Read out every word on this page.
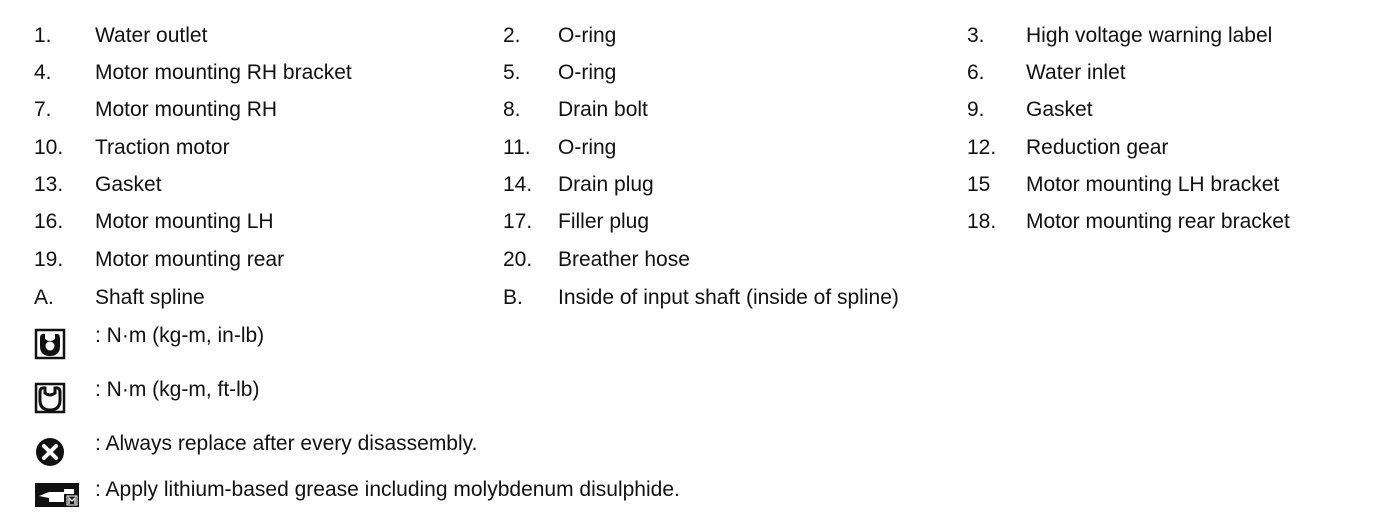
1. Water outlet	2. O-ring	3. High voltage warning label
4. Motor mounting RH bracket	5. O-ring	6. Water inlet
7. Motor mounting RH	8. Drain bolt	9. Gasket
10. Traction motor	11. O-ring	12. Reduction gear
13. Gasket	14. Drain plug	15 Motor mounting LH bracket
16. Motor mounting LH	17. Filler plug	18. Motor mounting rear bracket
19. Motor mounting rear	20. Breather hose
A. Shaft spline	B. Inside of input shaft (inside of spline)
: N·m (kg-m, in-lb)
: N·m (kg-m, ft-lb)
: Always replace after every disassembly.
: Apply lithium-based grease including molybdenum disulphide.
